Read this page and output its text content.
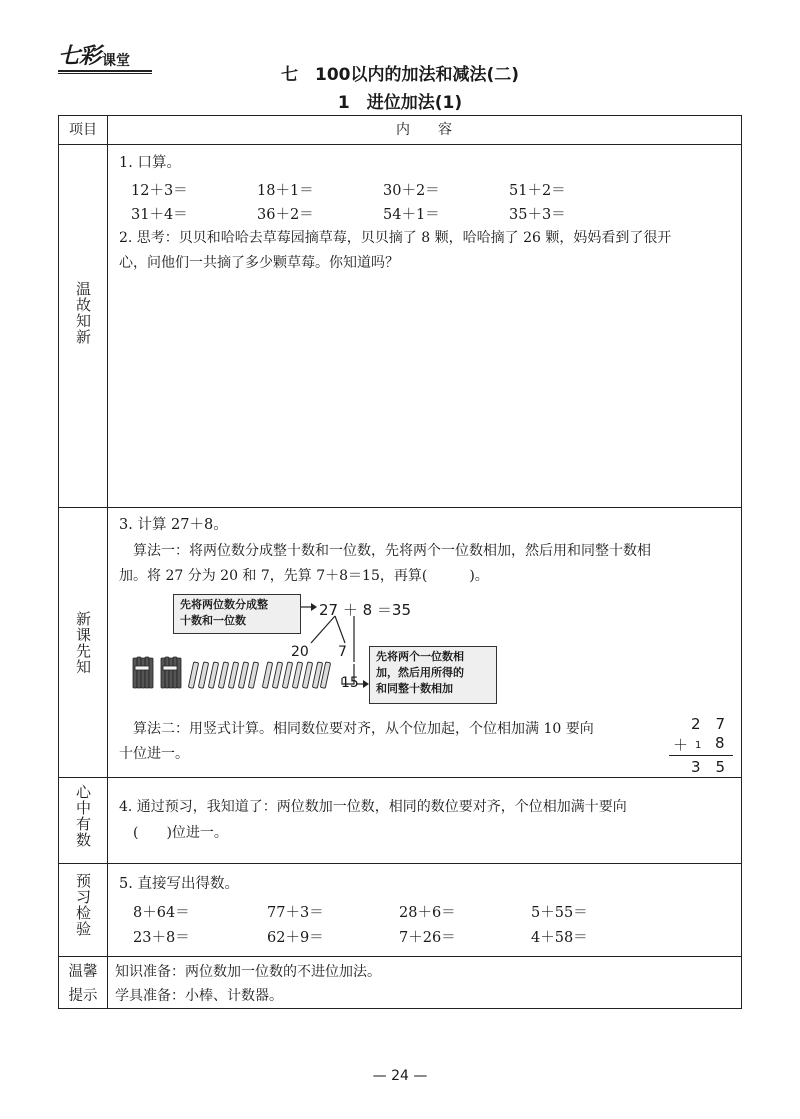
七彩 课堂
七　100以内的加法和减法(二)
1　进位加法(1)
项目	内　　容
温故知新
1. 口算。
12＋3＝	18＋1＝	30＋2＝	51＋2＝
31＋4＝	36＋2＝	54＋1＝	35＋3＝
2. 思考：贝贝和哈哈去草莓园摘草莓，贝贝摘了 8 颗，哈哈摘了 26 颗，妈妈看到了很开
心，问他们一共摘了多少颗草莓。你知道吗？
新课先知
3. 计算 27＋8。
算法一：将两位数分成整十数和一位数，先将两个一位数相加，然后用和同整十数相
加。将 27 分为 20 和 7，先算 7＋8＝15，再算(　　　)。
先将两位数分成整
十数和一位数
27 ＋ 8 ＝35
20 7
15
先将两个一位数相
加，然后用所得的
和同整十数相加
算法二：用竖式计算。相同数位要对齐，从个位加起，个位相加满 10 要向
十位进一。
2　7
＋ 1 8
3　5
心中有数 4. 通过预习，我知道了：两位数加一位数，相同的数位要对齐，个位相加满十要向
(　　)位进一。
预习检验 5. 直接写出得数。
8＋64＝	77＋3＝	28＋6＝	5＋55＝
23＋8＝	62＋9＝	7＋26＝	4＋58＝
温馨
提示
知识准备：两位数加一位数的不进位加法。
学具准备：小棒、计数器。
— 24 —
